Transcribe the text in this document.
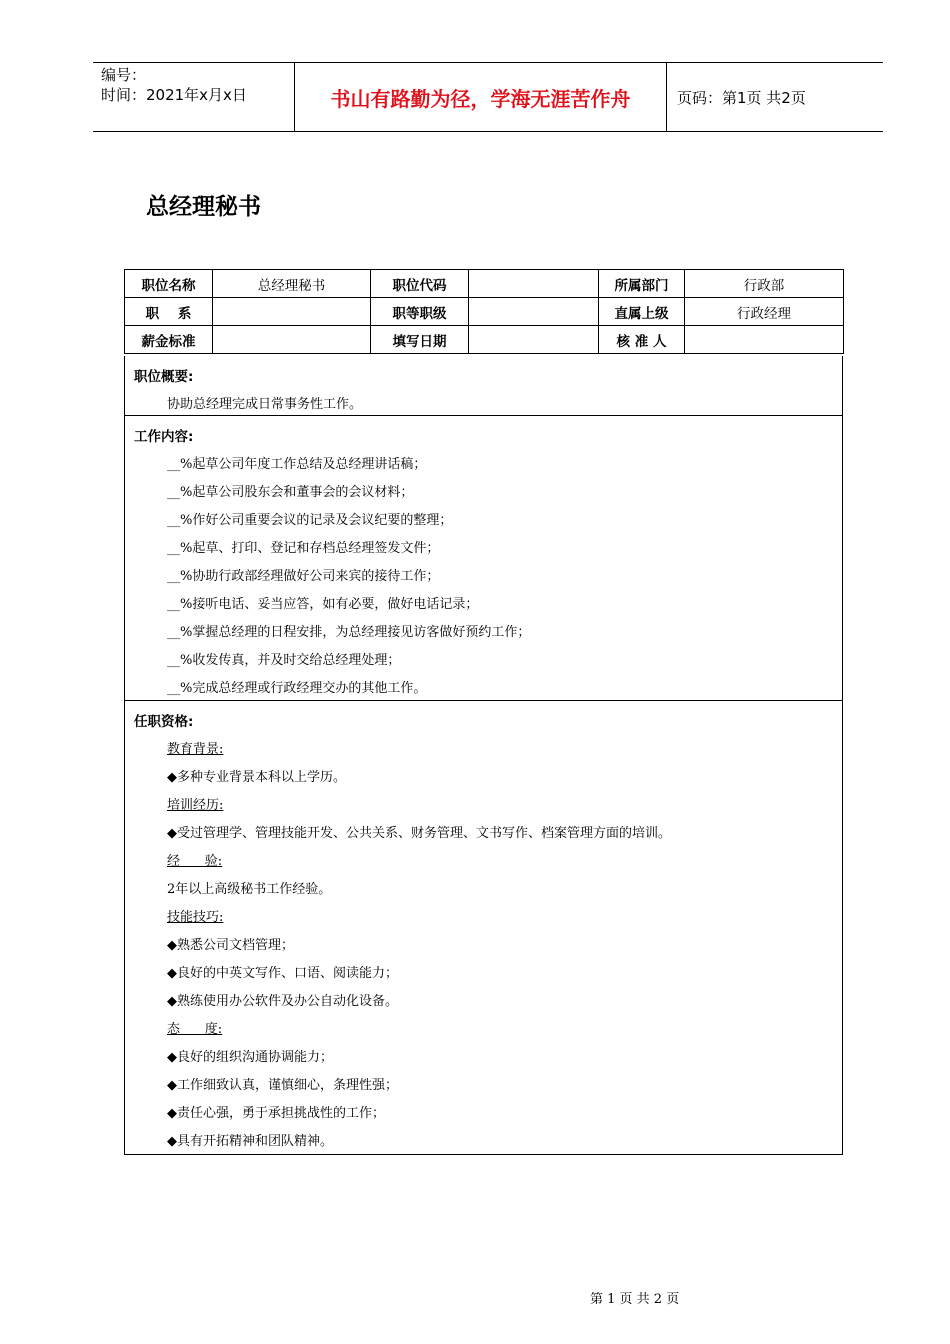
编号：
时间：2021年x月x日	书山有路勤为径，学海无涯苦作舟	页码：第1页 共2页
总经理秘书
职位名称	总经理秘书	职位代码		所属部门	行政部
职    系		职等职级		直属上级	行政经理
薪金标准		填写日期		核 准 人	
职位概要:
协助总经理完成日常事务性工作。
工作内容:
__%起草公司年度工作总结及总经理讲话稿；
__%起草公司股东会和董事会的会议材料；
__%作好公司重要会议的记录及会议纪要的整理；
__%起草、打印、登记和存档总经理签发文件；
__%协助行政部经理做好公司来宾的接待工作；
__%接听电话、妥当应答，如有必要，做好电话记录；
__%掌握总经理的日程安排，为总经理接见访客做好预约工作；
__%收发传真，并及时交给总经理处理；
__%完成总经理或行政经理交办的其他工作。
任职资格:
教育背景:
◆多种专业背景本科以上学历。
培训经历:
◆受过管理学、管理技能开发、公共关系、财务管理、文书写作、档案管理方面的培训。
经      验:
2年以上高级秘书工作经验。
技能技巧:
◆熟悉公司文档管理；
◆良好的中英文写作、口语、阅读能力；
◆熟练使用办公软件及办公自动化设备。
态      度:
◆良好的组织沟通协调能力；
◆工作细致认真，谨慎细心，条理性强；
◆责任心强，勇于承担挑战性的工作；
◆具有开拓精神和团队精神。
第 1 页 共 2 页
